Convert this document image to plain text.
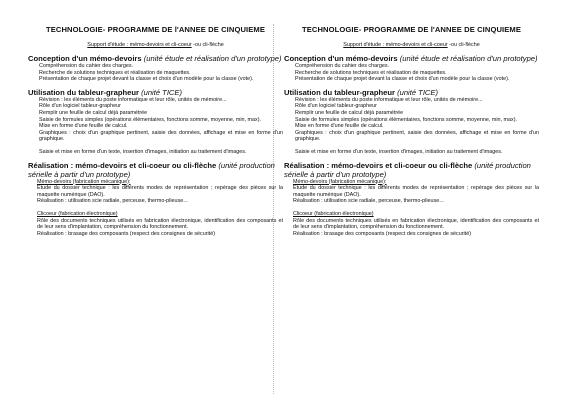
TECHNOLOGIE- PROGRAMME DE l'ANNEE DE CINQUIEME

Support d'étude : mémo-devoirs et cli-coeur -ou cli-flèche
Conception d'un mémo-devoirs (unité étude et réalisation d'un prototype)
Compréhension du cahier des charges.
Recherche de solutions techniques et réalisation de maquettes.
Présentation de chaque projet devant la classe et choix d'un modèle pour la classe (vote).
Utilisation du tableur-grapheur (unité TICE)
Révision : les éléments du poste informatique et leur rôle, unités de mémoire...
Rôle d'un logiciel tableur-grapheur
Remplir une feuille de calcul déjà paramétrée
Saisie de formules simples (opérations élémentaires, fonctions somme, moyenne, min, max).
Mise en forme d'une feuille de calcul.
Graphiques : choix d'un graphique pertinent, saisie des données, affichage et mise en forme d'un graphique.
Saisie et mise en forme d'un texte, insertion d'images, initiation au traitement d'images.
Réalisation : mémo-devoirs et cli-coeur ou cli-flèche (unité production sérielle à partir d'un prototype)
Mémo-devoirs (fabrication mécanique):
Étude du dossier technique : les différents modes de représentation ; repérage des pièces sur la maquette numérique (DAO).
Réalisation : utilisation scie radiale, perceuse, thermo-plieuse...
Clicoeur (fabrication électronique)
Rôle des documents techniques utilisés en fabrication électronique, identification des composants et de leur sens d'implantation, compréhension du fonctionnement.
Réalisation : brasage des composants (respect des consignes de sécurité)

TECHNOLOGIE- PROGRAMME DE l'ANNEE DE CINQUIEME

Support d'étude : mémo-devoirs et cli-coeur -ou cli-flèche
Conception d'un mémo-devoirs (unité étude et réalisation d'un prototype)
Compréhension du cahier des charges.
Recherche de solutions techniques et réalisation de maquettes.
Présentation de chaque projet devant la classe et choix d'un modèle pour la classe (vote).
Utilisation du tableur-grapheur (unité TICE)
Révision : les éléments du poste informatique et leur rôle, unités de mémoire...
Rôle d'un logiciel tableur-grapheur
Remplir une feuille de calcul déjà paramétrée
Saisie de formules simples (opérations élémentaires, fonctions somme, moyenne, min, max).
Mise en forme d'une feuille de calcul.
Graphiques : choix d'un graphique pertinent, saisie des données, affichage et mise en forme d'un graphique.
Saisie et mise en forme d'un texte, insertion d'images, initiation au traitement d'images.
Réalisation : mémo-devoirs et cli-coeur ou cli-flèche (unité production sérielle à partir d'un prototype)
Mémo-devoirs (fabrication mécanique):
Étude du dossier technique : les différents modes de représentation ; repérage des pièces sur la maquette numérique (DAO).
Réalisation : utilisation scie radiale, perceuse, thermo-plieuse...
Clicoeur (fabrication électronique)
Rôle des documents techniques utilisés en fabrication électronique, identification des composants et de leur sens d'implantation, compréhension du fonctionnement.
Réalisation : brasage des composants (respect des consignes de sécurité)
